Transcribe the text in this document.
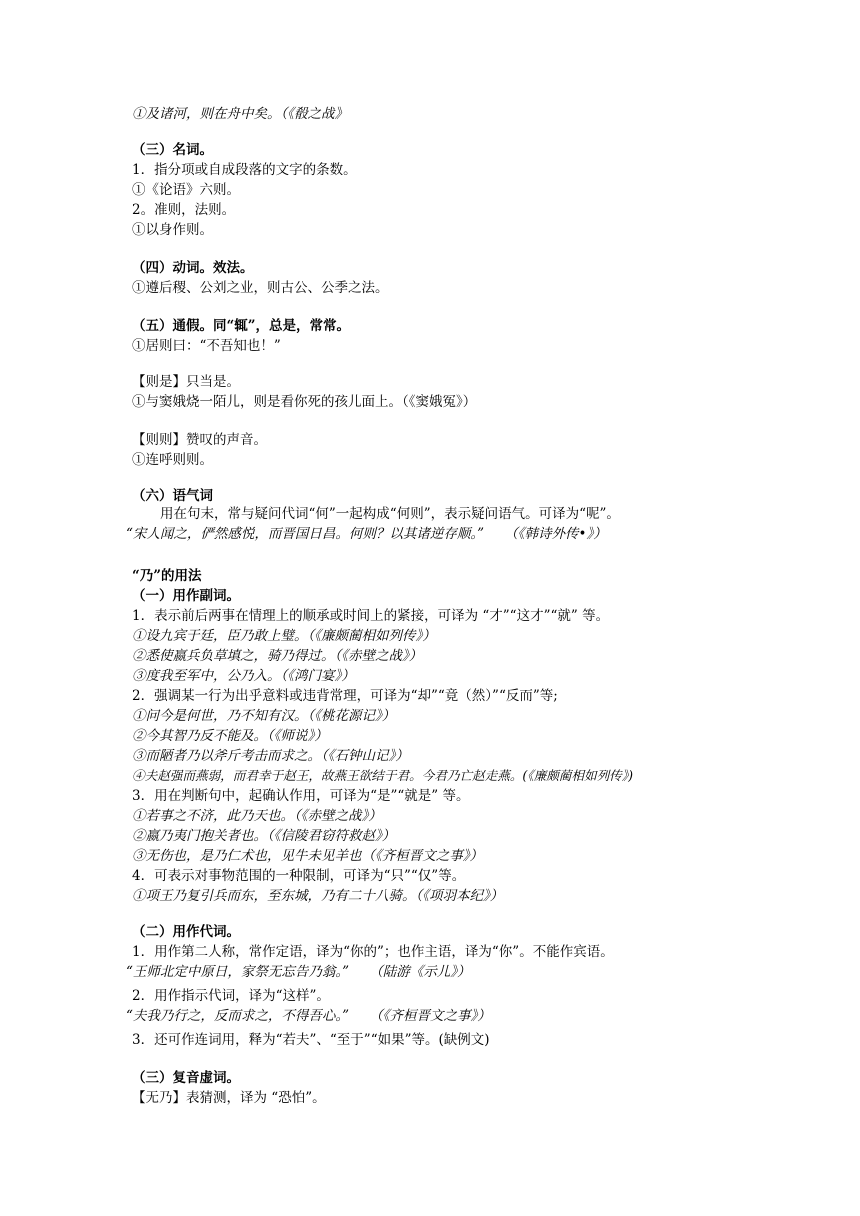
①及诸河，则在舟中矣。（《殽之战》
（三）名词。
1．指分项或自成段落的文字的条数。
①《论语》六则。
2。准则，法则。
①以身作则。
（四）动词。效法。
①遵后稷、公刘之业，则古公、公季之法。
（五）通假。同“辄”，总是，常常。
①居则曰：“不吾知也！”
【则是】只当是。
①与窦娥烧一陌儿，则是看你死的孩儿面上。（《窦娥冤》）
【则则】赞叹的声音。
①连呼则则。
（六）语气词
用在句末，常与疑问代词“何”一起构成“何则”，表示疑问语气。可译为“呢”。
“宋人闻之，俨然感悦，而晋国日昌。何则？以其诸逆存顺。”　　（《韩诗外传•》）
“乃”的用法
（一）用作副词。
1．表示前后两事在情理上的顺承或时间上的紧接，可译为 “才”“这才”“就” 等。
①设九宾于廷，臣乃敢上璧。（《廉颇蔺相如列传》）
②悉使嬴兵负草填之，骑乃得过。（《赤壁之战》）
③度我至军中，公乃入。（《鸿门宴》）
2．强调某一行为出乎意料或违背常理，可译为“却”“竟（然）”“反而”等;
①问今是何世，乃不知有汉。（《桃花源记》）
②今其智乃反不能及。（《师说》）
③而陋者乃以斧斤考击而求之。（《石钟山记》）
④夫赵强而燕弱，而君幸于赵王，故燕王欲结于君。今君乃亡赵走燕。(《廉颇蔺相如列传》)
3．用在判断句中，起确认作用，可译为“是”“就是” 等。
①若事之不济，此乃天也。（《赤壁之战》）
②嬴乃夷门抱关者也。（《信陵君窃符救赵》）
③无伤也，是乃仁术也，见牛未见羊也（《齐桓晋文之事》）
4．可表示对事物范围的一种限制，可译为“只”“仅”等。
①项王乃复引兵而东，至东城，乃有二十八骑。（《项羽本纪》）
（二）用作代词。
1．用作第二人称，常作定语，译为“你的”；也作主语，译为“你”。不能作宾语。
“王师北定中原日，家祭无忘告乃翁。”　　（陆游《示儿》）
2．用作指示代词，译为“这样”。
“夫我乃行之，反而求之，不得吾心。”　　（《齐桓晋文之事》）
3．还可作连词用，释为“若夫”、“至于”“如果”等。(缺例文)
（三）复音虚词。
【无乃】表猜测，译为 “恐怕”。
